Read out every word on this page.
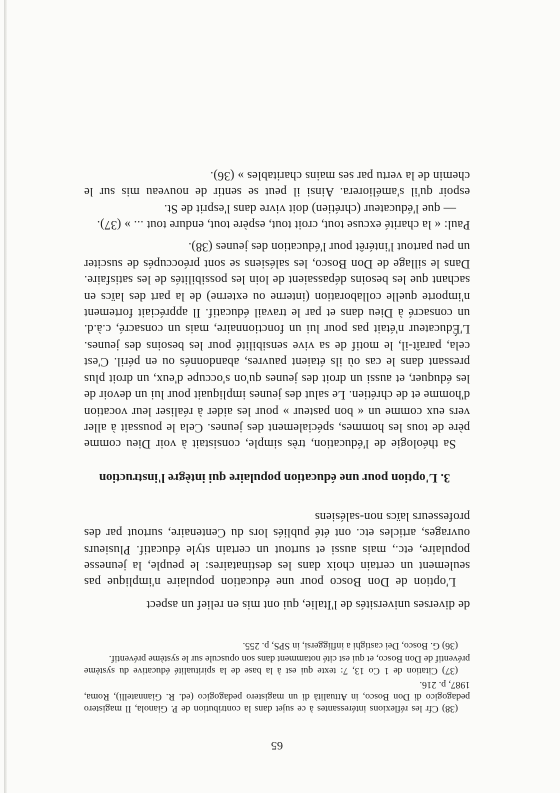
65

(38) Cfr les réflexions intéressantes à ce sujet dans la contribution de P. Gianola, Il magistero pedagogico di Don Bosco, in Attualità di un magistero pedagogico (ed. R. Giannatelli), Roma, 1987, p. 216.

(37) Citation de 1 Co 13, 7: texte qui est à la base de la spiritualité éducative du système préventif de Don Bosco, et qui est cité notamment dans son opuscule sur le système préventif.

(36) G. Bosco, Dei castighi a infliggersi, in SPS, p. 255.

de diverses universités de l'Italie, qui ont mis en relief un aspect

L'option de Don Bosco pour une éducation populaire n'implique pas seulement un certain choix dans les destinataires: le peuple, la jeunesse populaire, etc., mais aussi et surtout un certain style éducatif. Plusieurs ouvrages, articles etc. ont été publiés lors du Centenaire, surtout par des professeurs laïcs non-salésiens

3. L'option pour une éducation populaire qui intègre l'instruction

Sa théologie de l'éducation, très simple, consistait à voir Dieu comme père de tous les hommes, spécialement des jeunes. Cela le poussait à aller vers eux comme un « bon pasteur » pour les aider à réaliser leur vocation d'homme et de chrétien. Le salut des jeunes impliquait pour lui un devoir de les éduquer, et aussi un droit des jeunes qu'on s'occupe d'eux, un droit plus pressant dans le cas où ils étaient pauvres, abandonnés ou en péril. C'est cela, paraît-il, le motif de sa vive sensibilité pour les besoins des jeunes. L'Éducateur n'était pas pour lui un fonctionnaire, mais un consacré, c.à.d. un consacré à Dieu dans et par le travail éducatif. Il appréciait fortement n'importe quelle collaboration (interne ou externe) de la part des laïcs en sachant que les besoins dépassaient de loin les possibilités de les satisfaire. Dans le sillage de Don Bosco, les salésiens se sont préoccupés de susciter un peu partout l'intérêt pour l'éducation des jeunes (38).

Paul: « la charité excuse tout, croit tout, espère tout, endure tout ... » (37).

— que l'éducateur (chrétien) doit vivre dans l'esprit de St.

espoir qu'il s'améliorera. Ainsi il peut se sentir de nouveau mis sur le chemin de la vertu par ses mains charitables » (36).
